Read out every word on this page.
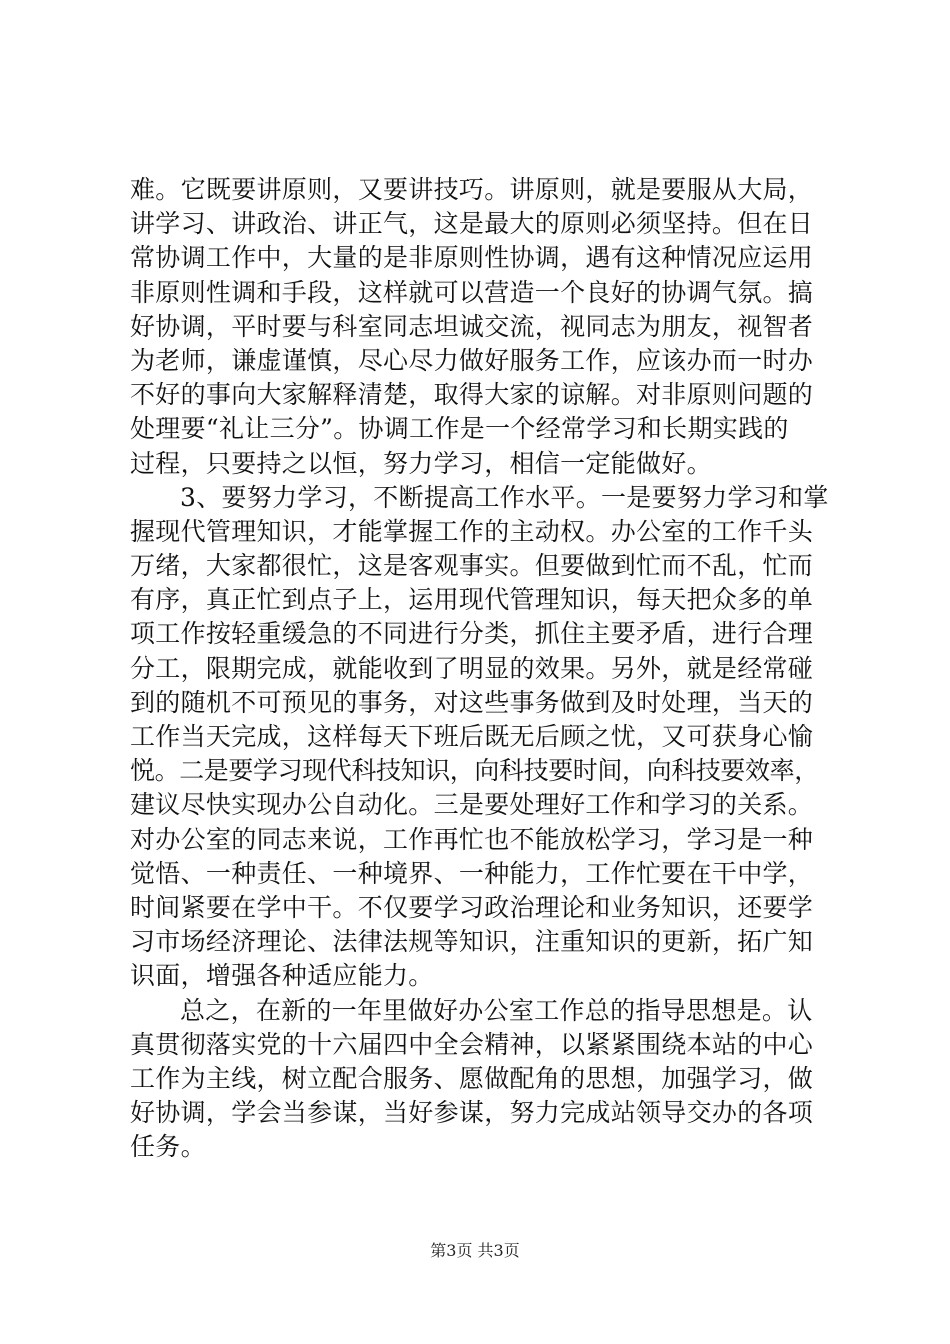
难。它既要讲原则，又要讲技巧。讲原则，就是要服从大局，
讲学习、讲政治、讲正气，这是最大的原则必须坚持。但在日
常协调工作中，大量的是非原则性协调，遇有这种情况应运用
非原则性调和手段，这样就可以营造一个良好的协调气氛。搞
好协调，平时要与科室同志坦诚交流，视同志为朋友，视智者
为老师，谦虚谨慎，尽心尽力做好服务工作，应该办而一时办
不好的事向大家解释清楚，取得大家的谅解。对非原则问题的
处理要“礼让三分”。协调工作是一个经常学习和长期实践的
过程，只要持之以恒，努力学习，相信一定能做好。
3、要努力学习，不断提高工作水平。一是要努力学习和掌
握现代管理知识，才能掌握工作的主动权。办公室的工作千头
万绪，大家都很忙，这是客观事实。但要做到忙而不乱，忙而
有序，真正忙到点子上，运用现代管理知识，每天把众多的单
项工作按轻重缓急的不同进行分类，抓住主要矛盾，进行合理
分工，限期完成，就能收到了明显的效果。另外，就是经常碰
到的随机不可预见的事务，对这些事务做到及时处理，当天的
工作当天完成，这样每天下班后既无后顾之忧，又可获身心愉
悦。二是要学习现代科技知识，向科技要时间，向科技要效率，
建议尽快实现办公自动化。三是要处理好工作和学习的关系。
对办公室的同志来说，工作再忙也不能放松学习，学习是一种
觉悟、一种责任、一种境界、一种能力，工作忙要在干中学，
时间紧要在学中干。不仅要学习政治理论和业务知识，还要学
习市场经济理论、法律法规等知识，注重知识的更新，拓广知
识面，增强各种适应能力。
总之，在新的一年里做好办公室工作总的指导思想是。认
真贯彻落实党的十六届四中全会精神，以紧紧围绕本站的中心
工作为主线，树立配合服务、愿做配角的思想，加强学习，做
好协调，学会当参谋，当好参谋，努力完成站领导交办的各项
任务。
第3页 共3页
